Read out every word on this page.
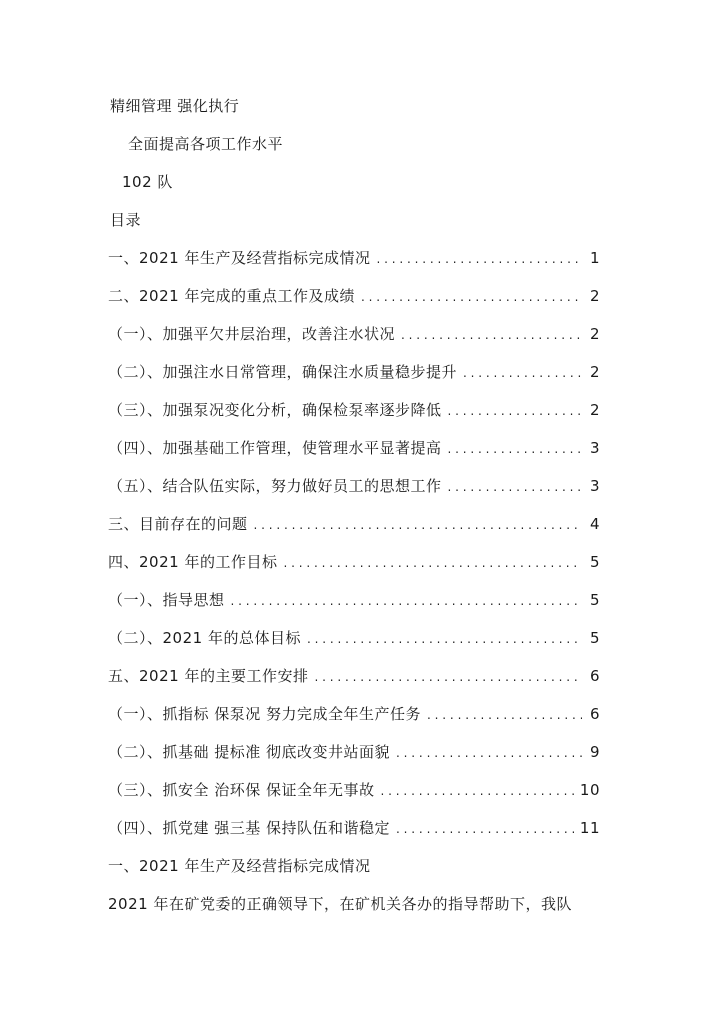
精细管理 强化执行
全面提高各项工作水平
102 队
目录
一、2021 年生产及经营指标完成情况 . . .	1
二、2021 年完成的重点工作及成绩 . . .	2
（一）、加强平欠井层治理，改善注水状况 . . .	2
（二）、加强注水日常管理，确保注水质量稳步提升 . . .	2
（三）、加强泵况变化分析，确保检泵率逐步降低 . . .	2
（四）、加强基础工作管理，使管理水平显著提高 . . .	3
（五）、结合队伍实际，努力做好员工的思想工作 . . .	3
三、目前存在的问题 . . .	4
四、2021 年的工作目标 . . .	5
（一）、指导思想 . . .	5
（二）、2021 年的总体目标 . . .	5
五、2021 年的主要工作安排 . . .	6
（一）、抓指标 保泵况 努力完成全年生产任务 . . .	6
（二）、抓基础 提标准 彻底改变井站面貌 . . .	9
（三）、抓安全 治环保 保证全年无事故 . . .	10
（四）、抓党建 强三基 保持队伍和谐稳定 . . .	11
一、2021 年生产及经营指标完成情况
2021 年在矿党委的正确领导下，在矿机关各办的指导帮助下，我队
